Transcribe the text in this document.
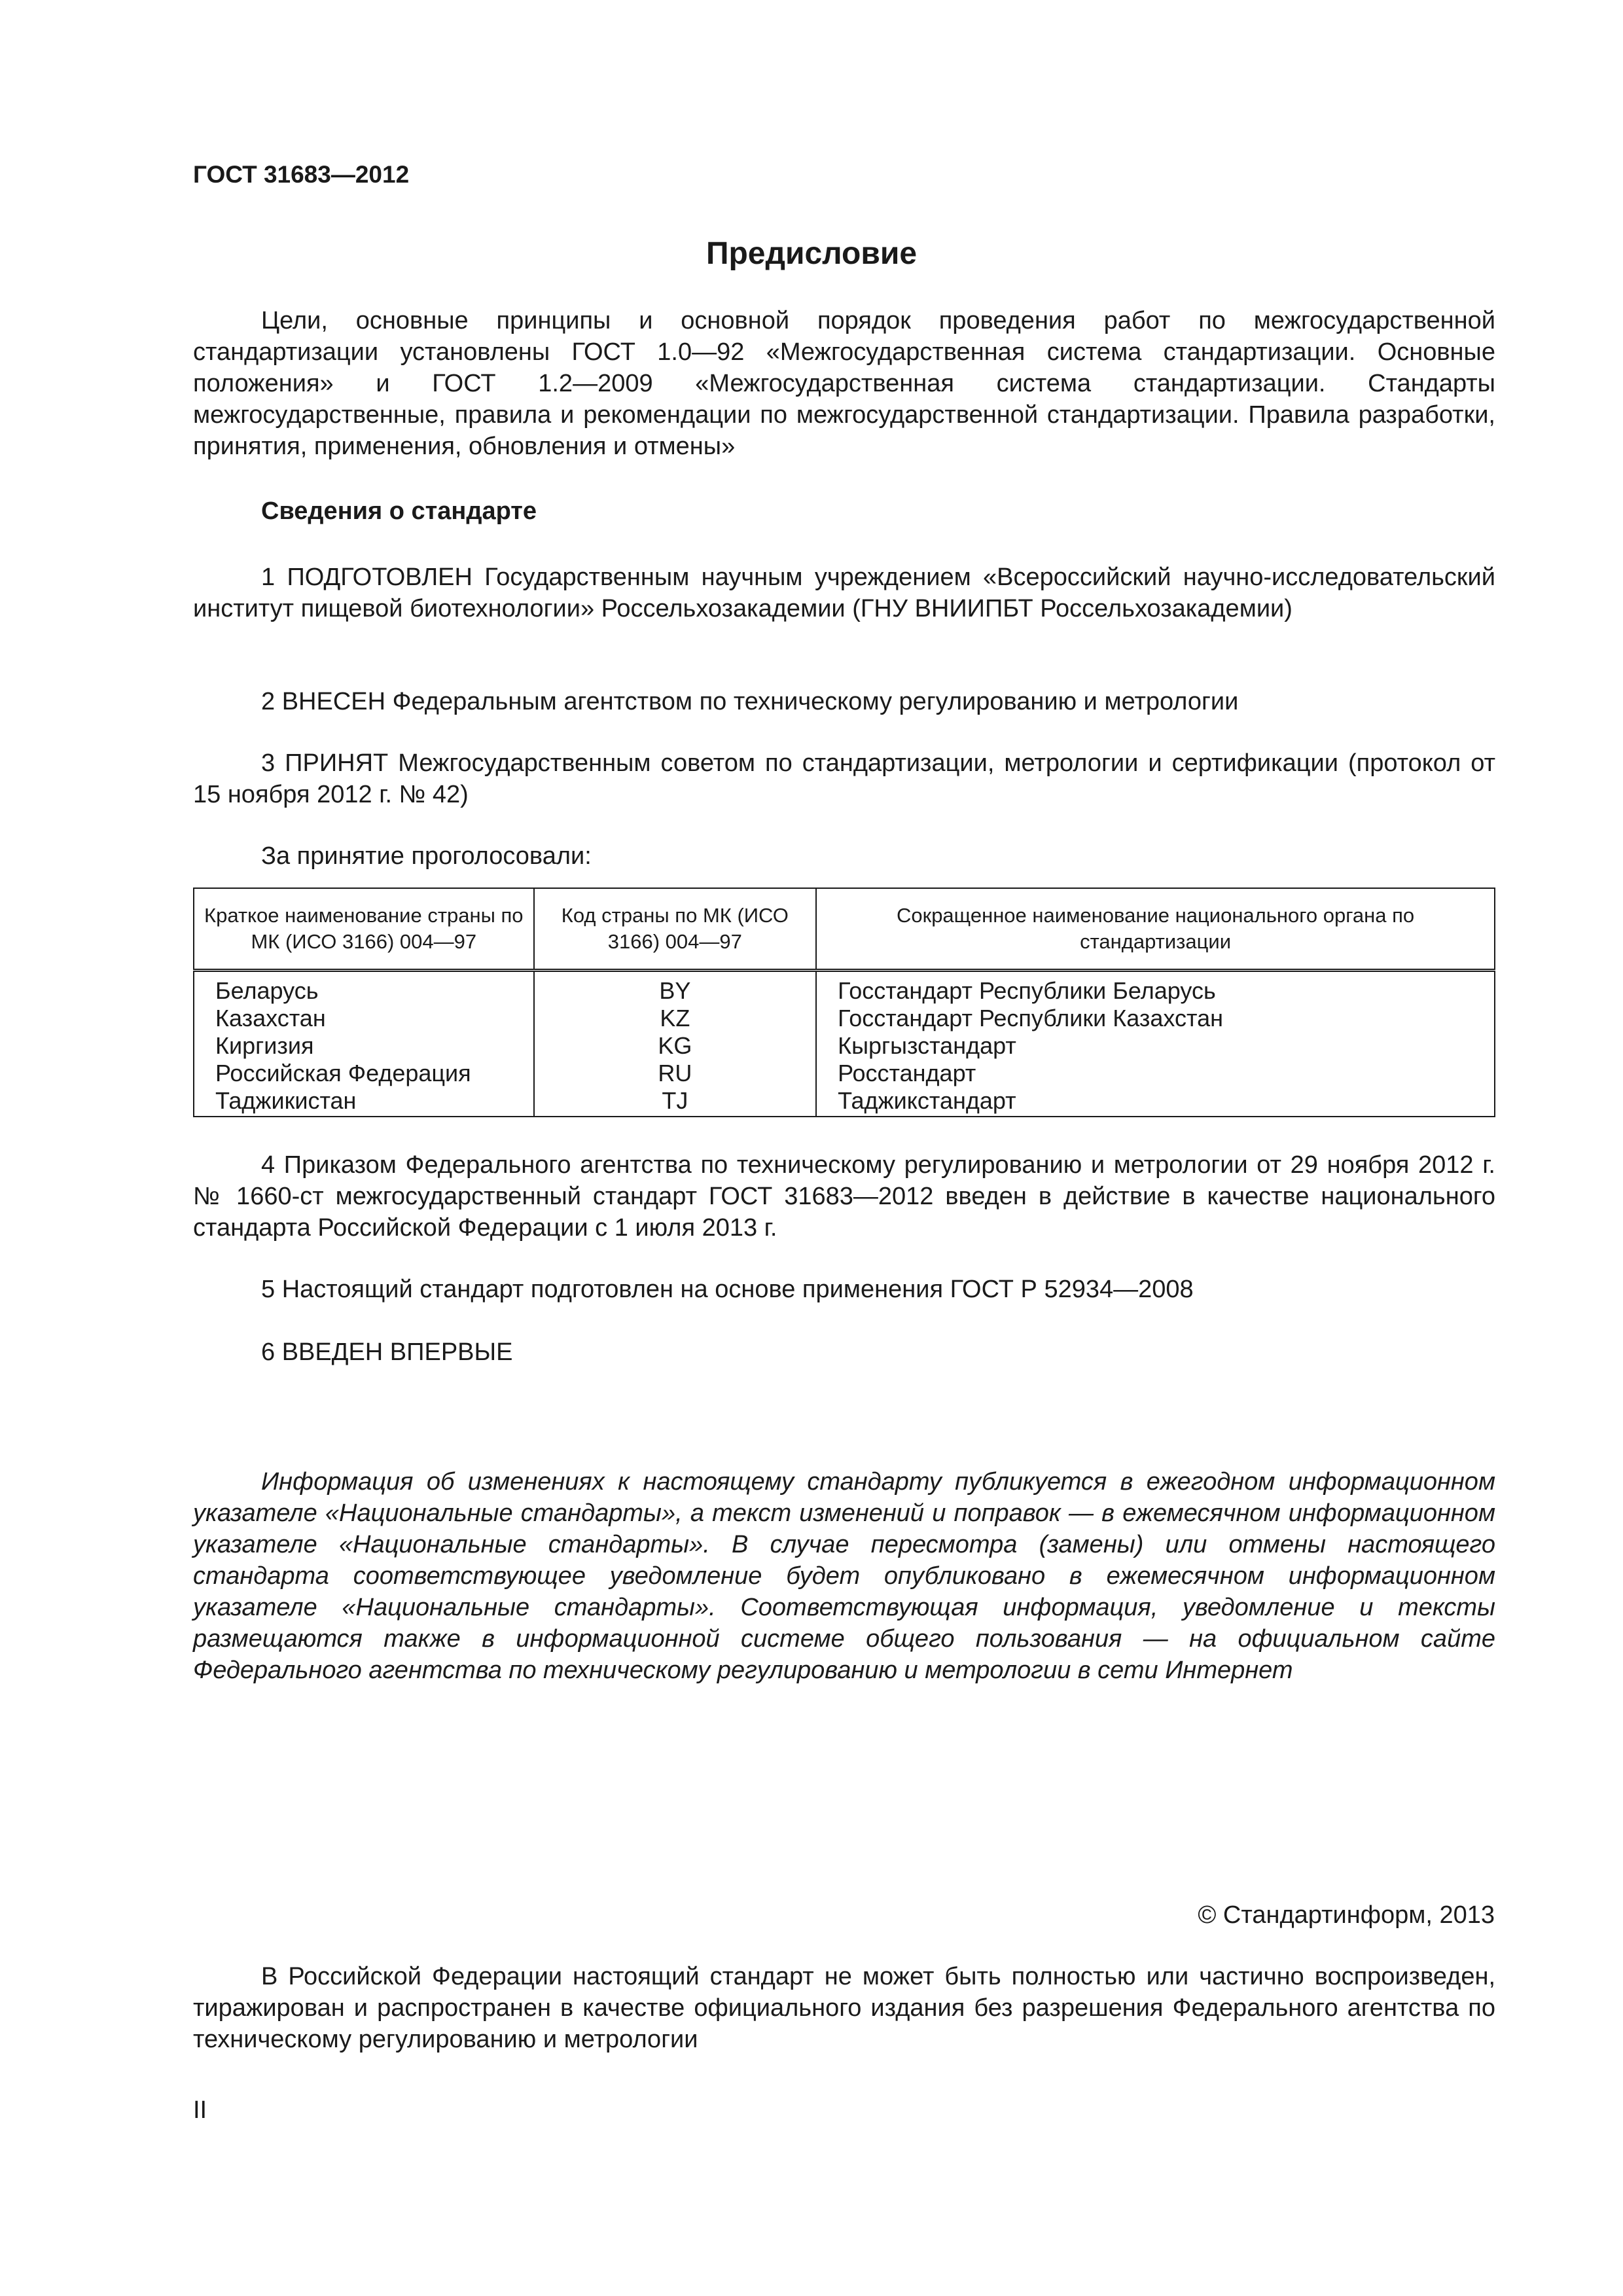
ГОСТ 31683—2012
Предисловие

Цели, основные принципы и основной порядок проведения работ по межгосударственной стандартизации установлены ГОСТ 1.0—92 «Межгосударственная система стандартизации. Основные положения» и ГОСТ 1.2—2009 «Межгосударственная система стандартизации. Стандарты межгосударственные, правила и рекомендации по межгосударственной стандартизации. Правила разработки, принятия, применения, обновления и отмены»

Сведения о стандарте

1 ПОДГОТОВЛЕН Государственным научным учреждением «Всероссийский научно-исследовательский институт пищевой биотехнологии» Россельхозакадемии (ГНУ ВНИИПБТ Россельхозакадемии)

2 ВНЕСЕН Федеральным агентством по техническому регулированию и метрологии

3 ПРИНЯТ Межгосударственным советом по стандартизации, метрологии и сертификации (протокол от 15 ноября 2012 г. № 42)

За принятие проголосовали:
Краткое наименование страны по МК (ИСО 3166) 004—97	Код страны по МК (ИСО 3166) 004—97	Сокращенное наименование национального органа по стандартизации
Беларусь	BY	Госстандарт Республики Беларусь
Казахстан	KZ	Госстандарт Республики Казахстан
Киргизия	KG	Кыргызстандарт
Российская Федерация	RU	Росстандарт
Таджикистан	TJ	Таджикстандарт

4 Приказом Федерального агентства по техническому регулированию и метрологии от 29 ноября 2012 г. № 1660-ст межгосударственный стандарт ГОСТ 31683—2012 введен в действие в качестве национального стандарта Российской Федерации с 1 июля 2013 г.

5 Настоящий стандарт подготовлен на основе применения ГОСТ Р 52934—2008
6 ВВЕДЕН ВПЕРВЫЕ

Информация об изменениях к настоящему стандарту публикуется в ежегодном информационном указателе «Национальные стандарты», а текст изменений и поправок — в ежемесячном информационном указателе «Национальные стандарты». В случае пересмотра (замены) или отмены настоящего стандарта соответствующее уведомление будет опубликовано в ежемесячном информационном указателе «Национальные стандарты». Соответствующая информация, уведомление и тексты размещаются также в информационной системе общего пользования — на официальном сайте Федерального агентства по техническому регулированию и метрологии в сети Интернет

© Стандартинформ, 2013

В Российской Федерации настоящий стандарт не может быть полностью или частично воспроизведен, тиражирован и распространен в качестве официального издания без разрешения Федерального агентства по техническому регулированию и метрологии

II
